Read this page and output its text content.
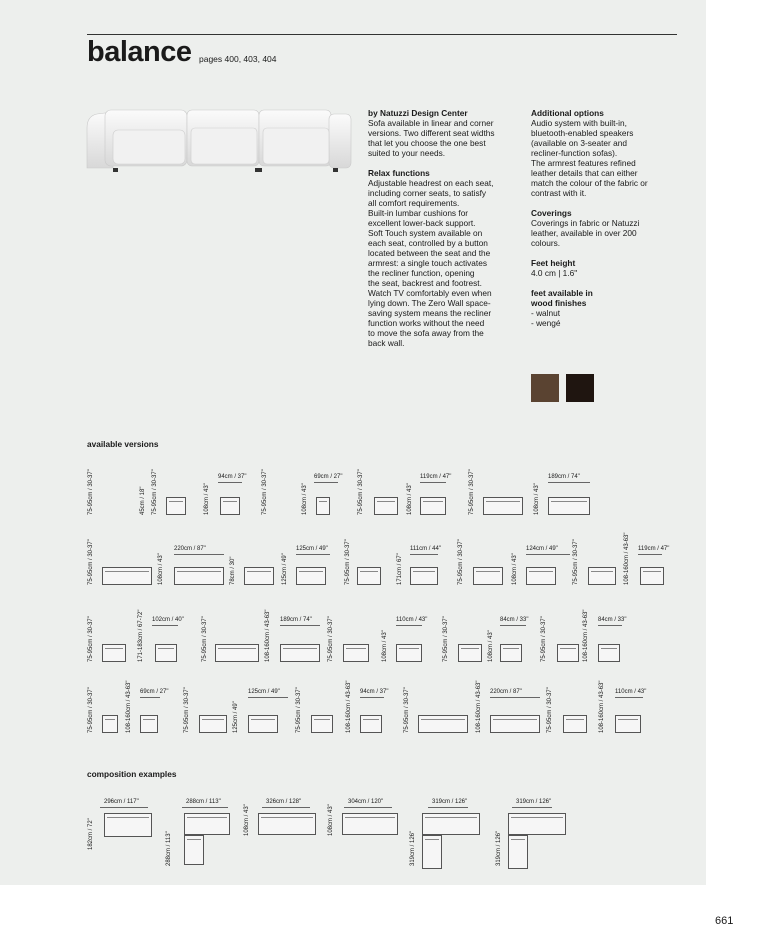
balance pages 400, 403, 404

by Natuzzi Design Center
Sofa available in linear and corner
versions. Two different seat widths
that let you choose the one best
suited to your needs.

Relax functions
Adjustable headrest on each seat,
including corner seats, to satisfy
all comfort requirements.
Built-in lumbar cushions for
excellent lower-back support.
Soft Touch system available on
each seat, controlled by a button
located between the seat and the
armrest: a single touch activates
the recliner function, opening
the seat, backrest and footrest.
Watch TV comfortably even when
lying down. The Zero Wall space-
saving system means the recliner
function works without the need
to move the sofa away from the
back wall.

Additional options
Audio system with built-in,
bluetooth-enabled speakers
(available on 3-seater and
recliner-function sofas).
The armrest features refined
leather details that can either
match the colour of the fabric or
contrast with it.

Coverings
Coverings in fabric or Natuzzi
leather, available in over 200
colours.

Feet height
4.0 cm | 1.6"

feet available in
wood finishes
- walnut
- wengé

available versions
composition examples
75-95cm / 30-37"	45cm / 18" 75-95cm / 30-37"	108cm / 43"
94cm / 37"	75-95cm / 30-37"	108cm / 43"
69cm / 27"	75-95cm / 30-37"	108cm / 43"
119cm / 47"	75-95cm / 30-37"	108cm / 43"
189cm / 74"
75-95cm / 30-37"	108cm / 43"
220cm / 87"
78cm / 30"	125cm / 49"
125cm / 49"	75-95cm / 30-37"	171cm / 67"
111cm / 44"	75-95cm / 30-37"	108cm / 43"
124cm / 49"	75-95cm / 30-37"	108-160cm / 43-63" 119cm / 47"
75-95cm / 30-37"	171-183cm / 67-72" 102cm / 40"	75-95cm / 30-37"	108-160cm / 43-63" 189cm / 74"	75-95cm / 30-37"	108cm / 43"
110cm / 43"	75-95cm / 30-37"	108cm / 43"
84cm / 33" 75-95cm / 30-37"	108-160cm / 43-63" 84cm / 33"
75-95cm / 30-37"	108-160cm / 43-63" 69cm / 27"	75-95cm / 30-37"	125cm / 49"
125cm / 49"	75-95cm / 30-37"	108-160cm / 43-63" 94cm / 37"	75-95cm / 30-37"	108-160cm / 43-63" 220cm / 87"	75-95cm / 30-37"	108-160cm / 43-63" 110cm / 43"
182cm / 72"
296cm / 117"	288cm / 113"
288cm / 113"
108cm / 43"
326cm / 128"
108cm / 43"
304cm / 120"	319cm / 126"
319cm / 126"
319cm / 126"
319cm / 126"
661
